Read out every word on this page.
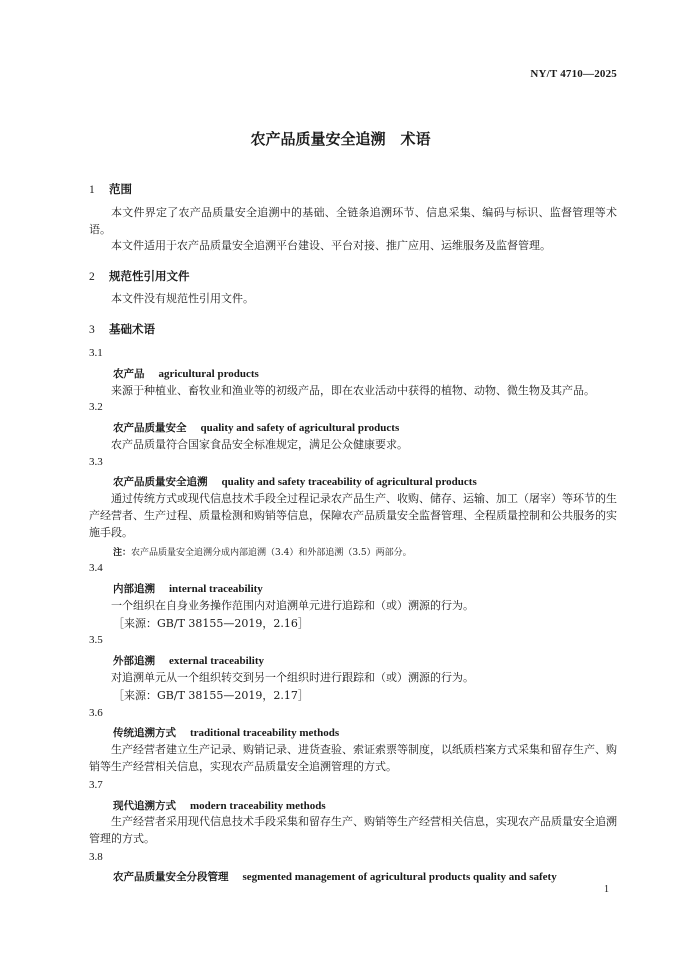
NY/T 4710—2025
农产品质量安全追溯　术语
1 范围
本文件界定了农产品质量安全追溯中的基础、全链条追溯环节、信息采集、编码与标识、监督管理等术语。
本文件适用于农产品质量安全追溯平台建设、平台对接、推广应用、运维服务及监督管理。
2 规范性引用文件
本文件没有规范性引用文件。
3 基础术语
3.1
农产品 agricultural products
来源于种植业、畜牧业和渔业等的初级产品，即在农业活动中获得的植物、动物、微生物及其产品。
3.2
农产品质量安全 quality and safety of agricultural products
农产品质量符合国家食品安全标准规定，满足公众健康要求。
3.3
农产品质量安全追溯 quality and safety traceability of agricultural products
通过传统方式或现代信息技术手段全过程记录农产品生产、收购、储存、运输、加工（屠宰）等环节的生产经营者、生产过程、质量检测和购销等信息，保障农产品质量安全监督管理、全程质量控制和公共服务的实施手段。
注：农产品质量安全追溯分成内部追溯（3.4）和外部追溯（3.5）两部分。
3.4
内部追溯 internal traceability
一个组织在自身业务操作范围内对追溯单元进行追踪和（或）溯源的行为。
［来源：GB/T 38155—2019，2.16］
3.5
外部追溯 external traceability
对追溯单元从一个组织转交到另一个组织时进行跟踪和（或）溯源的行为。
［来源：GB/T 38155—2019，2.17］
3.6
传统追溯方式 traditional traceability methods
生产经营者建立生产记录、购销记录、进货查验、索证索票等制度，以纸质档案方式采集和留存生产、购销等生产经营相关信息，实现农产品质量安全追溯管理的方式。
3.7
现代追溯方式 modern traceability methods
生产经营者采用现代信息技术手段采集和留存生产、购销等生产经营相关信息，实现农产品质量安全追溯管理的方式。
3.8
农产品质量安全分段管理 segmented management of agricultural products quality and safety
1
